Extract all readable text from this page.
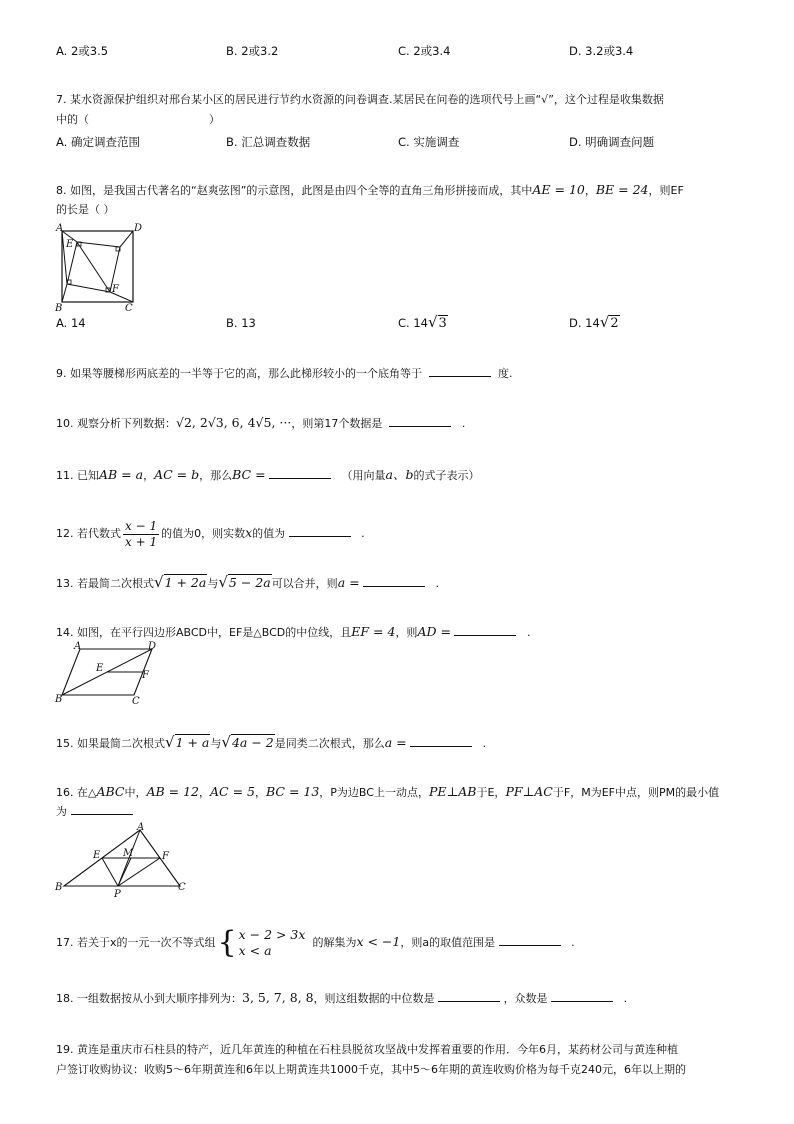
A. 2或3.5	B. 2或3.2	C. 2或3.4	D. 3.2或3.4
7. 某水资源保护组织对邢台某小区的居民进行节约水资源的问卷调查.某居民在问卷的选项代号上画“√”，这个过程是收集数据
中的（	）
A. 确定调查范围	B. 汇总调查数据	C. 实施调查	D. 明确调查问题
8. 如图，是我国古代著名的“赵爽弦图”的示意图，此图是由四个全等的直角三角形拼接而成，其中AE = 10，BE = 24，则EF
的长是（ ）
A	D
B	C
E
F
A. 14	B. 13	C. 14√3	D. 14√2
9. 如果等腰梯形两底差的一半等于它的高，那么此梯形较小的一个底角等于	度.
10. 观察分析下列数据：√2, 2√3, 6, 4√5, ···，则第17个数据是	.
11. 已知AB = a，AC = b，那么BC =	（用向量a、b的式子表示）
12. 若代数式 $\frac{x - 1}{x + 1}$ 的值为0，则实数x的值为	.
13. 若最简二次根式√1 + 2a与√5 − 2a可以合并，则a =	.
14. 如图，在平行四边形ABCD中，EF是△BCD的中位线，且EF = 4，则AD =	.
A	D
B	C
E
F
15. 如果最简二次根式√1 + a与√4a − 2是同类二次根式，那么a =	.
16. 在△ABC中，AB = 12，AC = 5，BC = 13，P为边BC上一动点，PE⊥AB于E，PF⊥AC于F，M为EF中点，则PM的最小值
为
A
B	C
E	F
M
P
17. 若关于x的一元一次不等式组{ x − 2 > 3x
x < a
的解集为x < −1，则a的取值范围是	.
18. 一组数据按从小到大顺序排列为：3, 5, 7, 8, 8，则这组数据的中位数是	，众数是	.
19. 黄连是重庆市石柱县的特产，近几年黄连的种植在石柱县脱贫攻坚战中发挥着重要的作用．今年6月，某药材公司与黄连种植
户签订收购协议：收购5～6年期黄连和6年以上期黄连共1000千克，其中5～6年期的黄连收购价格为每千克240元，6年以上期的
